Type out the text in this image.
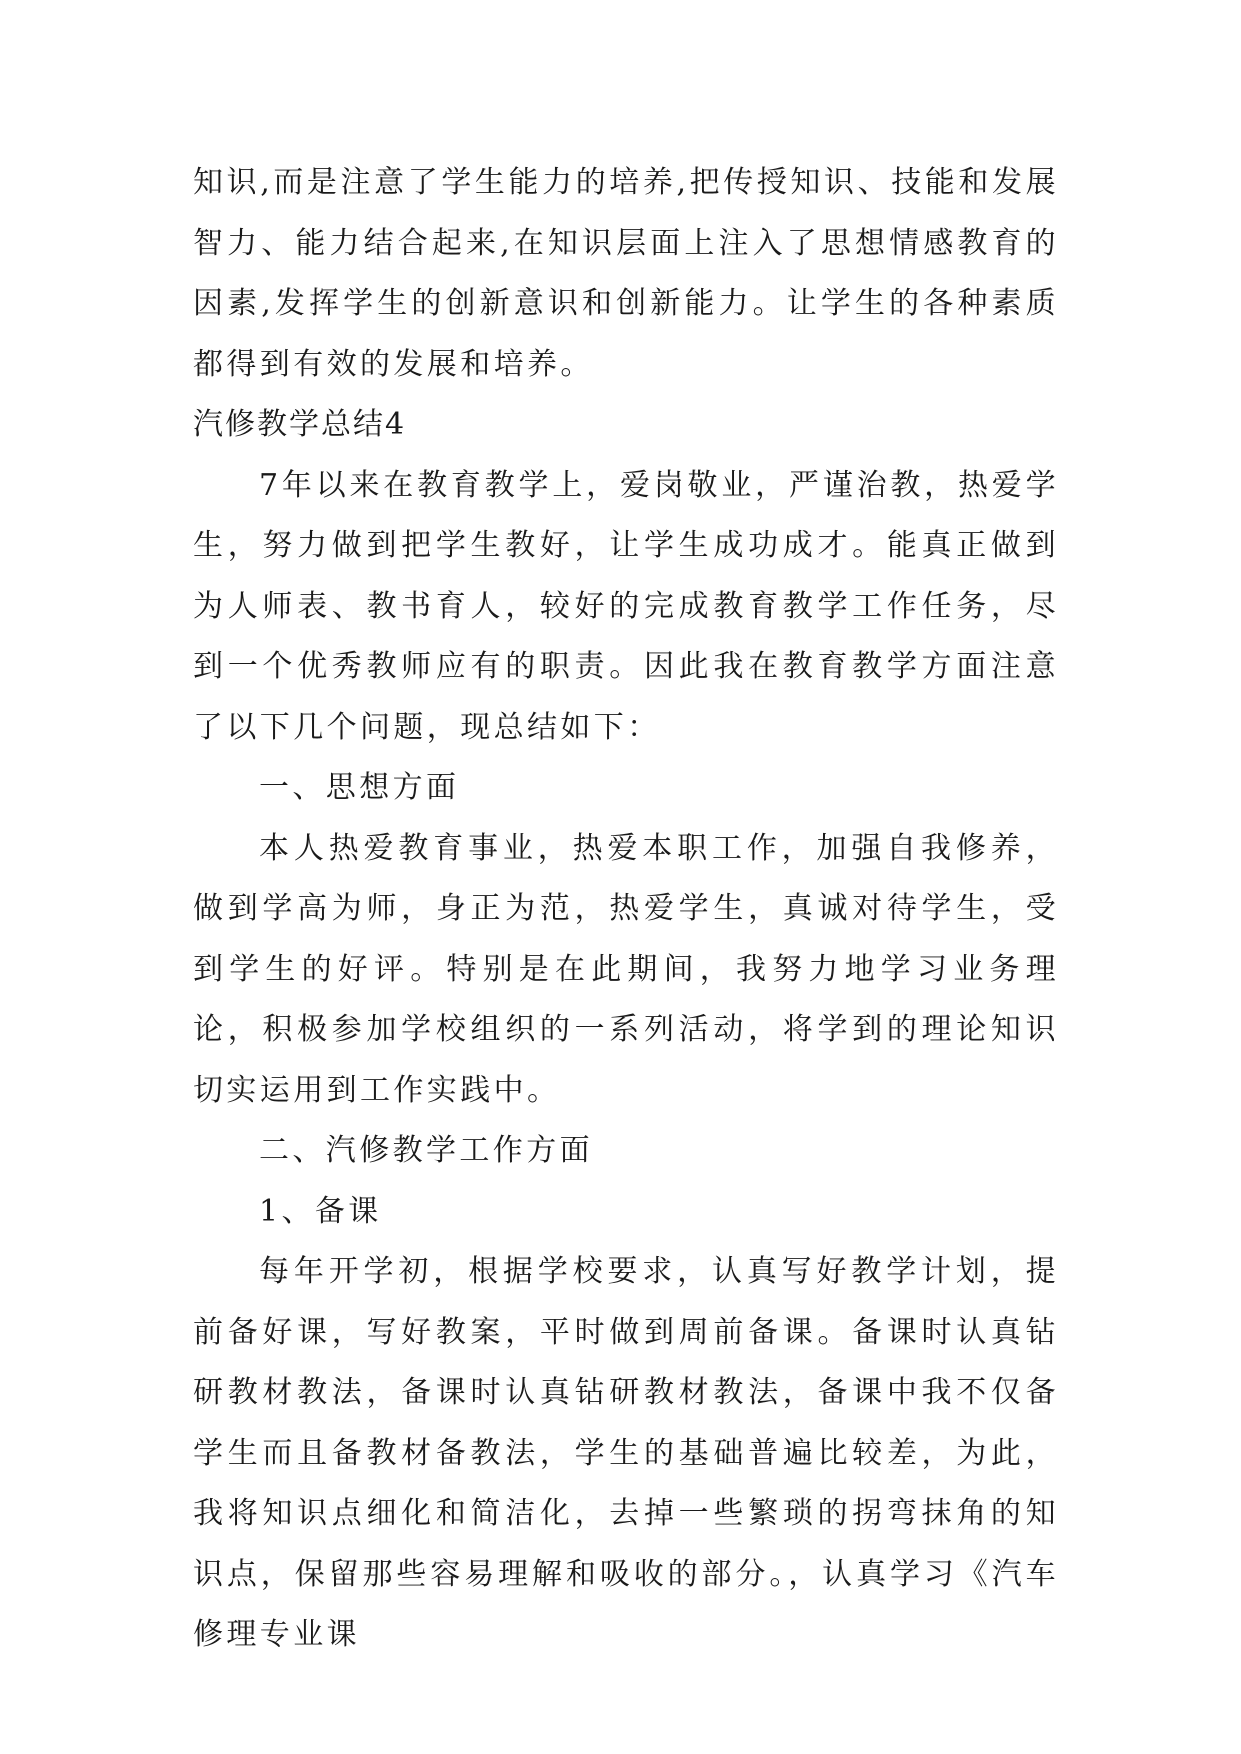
知识,而是注意了学生能力的培养,把传授知识、技能和发展智力、能力结合起来,在知识层面上注入了思想情感教育的因素,发挥学生的创新意识和创新能力。让学生的各种素质都得到有效的发展和培养。

汽修教学总结4

7年以来在教育教学上，爱岗敬业，严谨治教，热爱学生，努力做到把学生教好，让学生成功成才。能真正做到为人师表、教书育人，较好的完成教育教学工作任务，尽到一个优秀教师应有的职责。因此我在教育教学方面注意了以下几个问题，现总结如下：

一、思想方面

本人热爱教育事业，热爱本职工作，加强自我修养，做到学高为师，身正为范，热爱学生，真诚对待学生，受到学生的好评。特别是在此期间，我努力地学习业务理论，积极参加学校组织的一系列活动，将学到的理论知识切实运用到工作实践中。

二、汽修教学工作方面

1、备课

每年开学初，根据学校要求，认真写好教学计划，提前备好课，写好教案，平时做到周前备课。备课时认真钻研教材教法，备课时认真钻研教材教法，备课中我不仅备学生而且备教材备教法，学生的基础普遍比较差，为此，我将知识点细化和简洁化，去掉一些繁琐的拐弯抹角的知识点，保留那些容易理解和吸收的部分。，认真学习《汽车修理专业课
